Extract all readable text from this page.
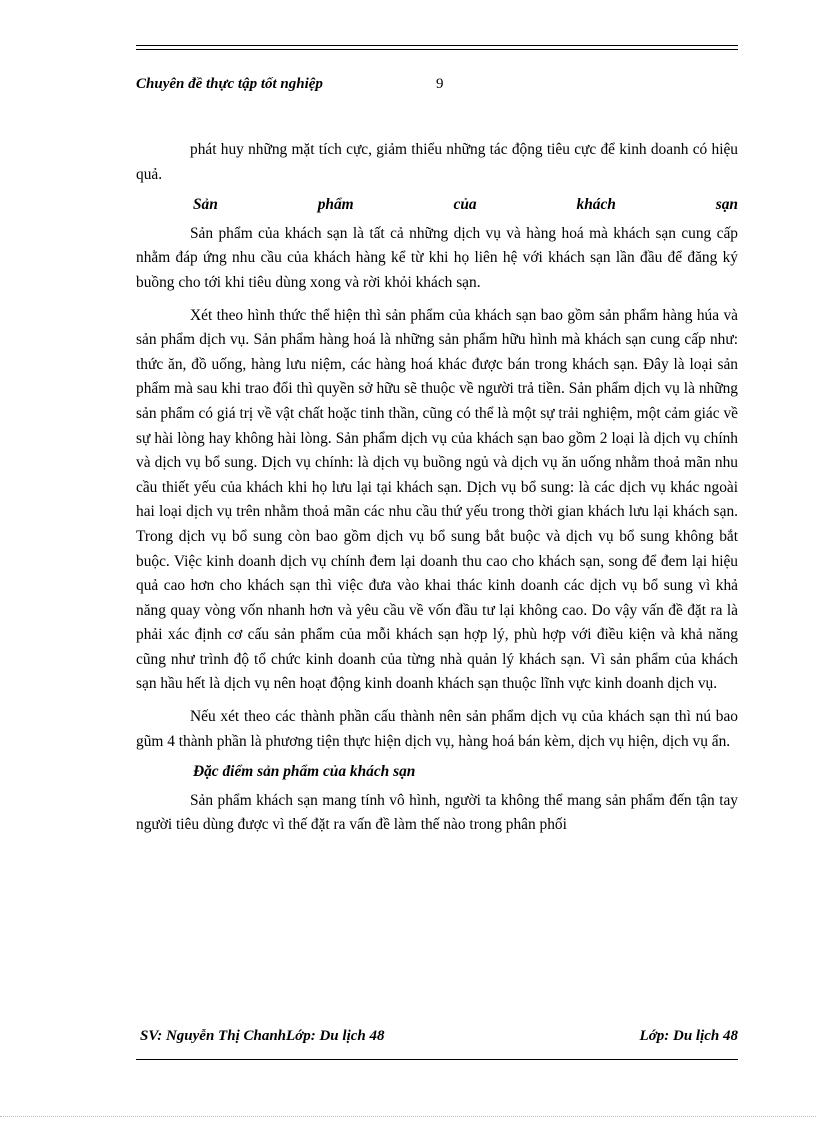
Chuyên đề thực tập tốt nghiệp	9

phát huy những mặt tích cực, giảm thiểu những tác động tiêu cực để kinh doanh có hiệu quả.

Sản phẩm của khách sạn

Sản phẩm của khách sạn là tất cả những dịch vụ và hàng hoá mà khách sạn cung cấp nhằm đáp ứng nhu cầu của khách hàng kể từ khi họ liên hệ với khách sạn lần đầu để đăng ký buồng cho tới khi tiêu dùng xong và rời khỏi khách sạn.

Xét theo hình thức thể hiện thì sản phẩm của khách sạn bao gồm sản phẩm hàng húa và sản phẩm dịch vụ. Sản phẩm hàng hoá là những sản phẩm hữu hình mà khách sạn cung cấp như: thức ăn, đồ uống, hàng lưu niệm, các hàng hoá khác được bán trong khách sạn. Đây là loại sản phẩm mà sau khi trao đổi thì quyền sở hữu sẽ thuộc về người trả tiền. Sản phẩm dịch vụ là những sản phẩm có giá trị về vật chất hoặc tinh thần, cũng có thể là một sự trải nghiệm, một cảm giác về sự hài lòng hay không hài lòng. Sản phẩm dịch vụ của khách sạn bao gồm 2 loại là dịch vụ chính và dịch vụ bổ sung. Dịch vụ chính: là dịch vụ buồng ngủ và dịch vụ ăn uống nhằm thoả mãn nhu cầu thiết yếu của khách khi họ lưu lại tại khách sạn. Dịch vụ bổ sung: là các dịch vụ khác ngoài hai loại dịch vụ trên nhằm thoả mãn các nhu cầu thứ yếu trong thời gian khách lưu lại khách sạn. Trong dịch vụ bổ sung còn bao gồm dịch vụ bổ sung bắt buộc và dịch vụ bổ sung không bắt buộc. Việc kinh doanh dịch vụ chính đem lại doanh thu cao cho khách sạn, song để đem lại hiệu quả cao hơn cho khách sạn thì việc đưa vào khai thác kinh doanh các dịch vụ bổ sung vì khả năng quay vòng vốn nhanh hơn và yêu cầu về vốn đầu tư lại không cao. Do vậy vấn đề đặt ra là phải xác định cơ cấu sản phẩm của mỗi khách sạn hợp lý, phù hợp với điều kiện và khả năng cũng như trình độ tổ chức kinh doanh của từng nhà quản lý khách sạn. Vì sản phẩm của khách sạn hầu hết là dịch vụ nên hoạt động kinh doanh khách sạn thuộc lĩnh vực kinh doanh dịch vụ.

Nếu xét theo các thành phần cấu thành nên sản phẩm dịch vụ của khách sạn thì nú bao gũm 4 thành phần là phương tiện thực hiện dịch vụ, hàng hoá bán kèm, dịch vụ hiện, dịch vụ ẩn.

Đặc điểm sản phẩm của khách sạn

Sản phẩm khách sạn mang tính vô hình, người ta không thể mang sản phẩm đến tận tay người tiêu dùng được vì thế đặt ra vấn đề làm thế nào trong phân phối

SV: Nguyễn Thị ChanhLớp: Du lịch 48	Lớp: Du lịch 48
